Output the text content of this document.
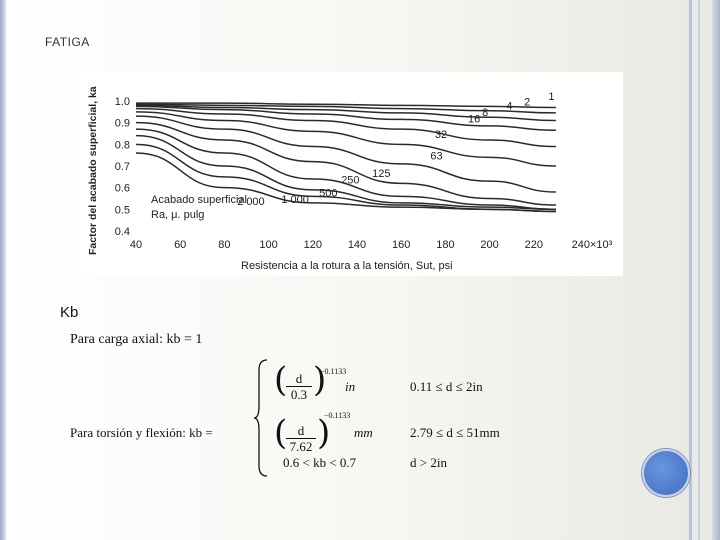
FATIGA
Factor del acabado superficial, ka
Resistencia a la rotura a la tensión, Sut, psi
Acabado superficial
Ra, μ. pulg
1.0
0.9
0.8
0.7
0.6
0.5
0.4
40	60	80	100 120 140 160 180 200 220	240×10³
1
2
4
8
16
32
63
125
250
500
1 000
2 000
Kb
Para carga axial: kb = 1
Para torsión y flexión: kb =
(
$\frac{d}{0.3}$ )
−0.1133
in	0.11 ≤ d ≤ 2in
(
$\frac{d}{7.62}$ )
−0.1133
mm	2.79 ≤ d ≤ 51mm
0.6 < kb < 0.7	d > 2in
